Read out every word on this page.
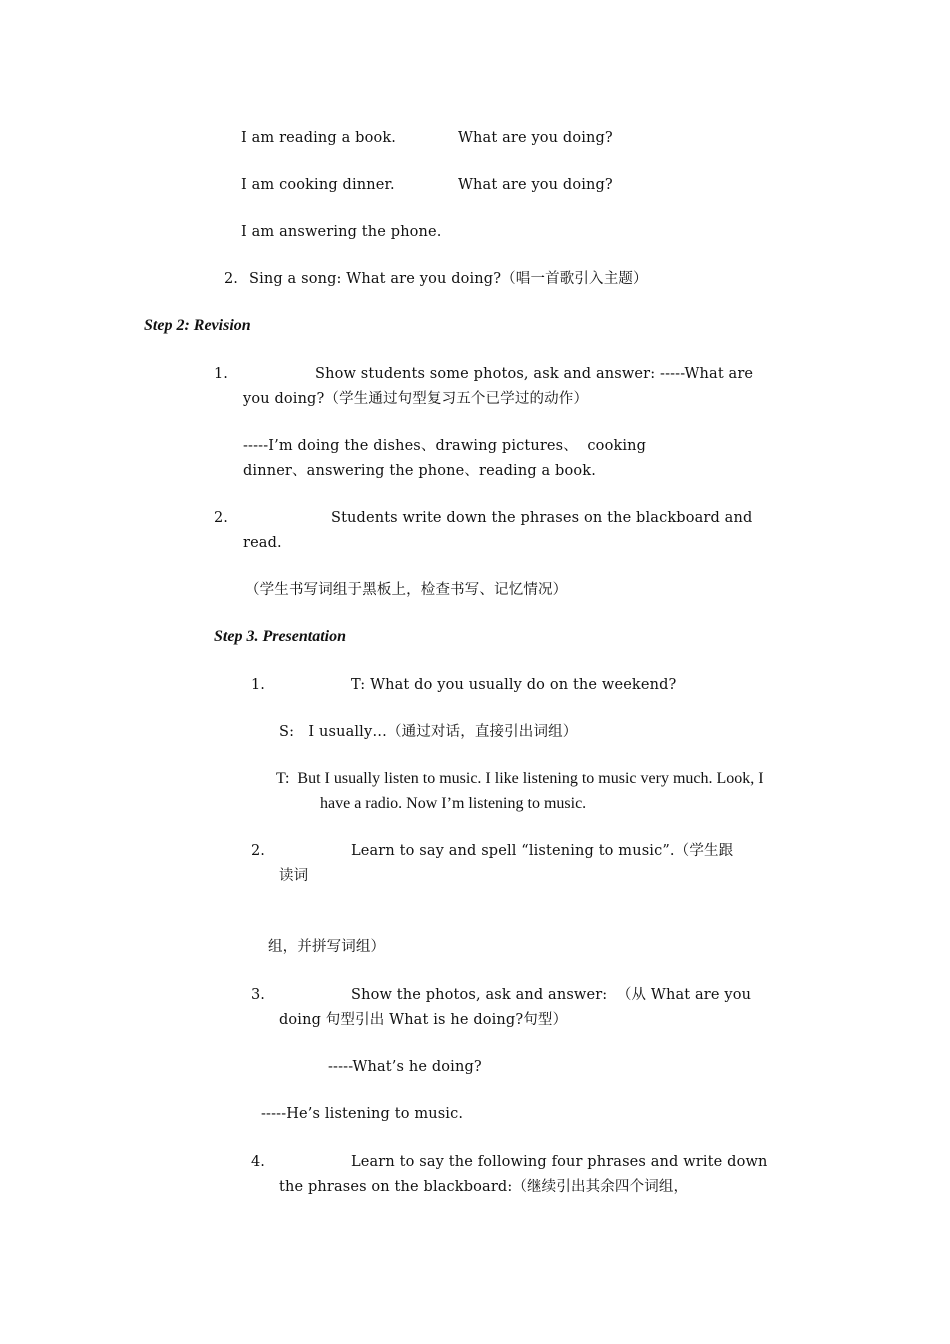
I am reading a book.	What are you doing?
I am cooking dinner.	What are you doing?
I am answering the phone.
2. Sing a song: What are you doing?（唱一首歌引入主题）
Step 2: Revision
1.	Show students some photos, ask and answer: -----What are
you doing?（学生通过句型复习五个已学过的动作）
-----I’m doing the dishes、drawing pictures、  cooking
dinner、answering the phone、reading a book.
2.	Students write down the phrases on the blackboard and
read.
（学生书写词组于黑板上，检查书写、记忆情况）
Step 3. Presentation
1.	T: What do you usually do on the weekend?
S:   I usually…（通过对话，直接引出词组）
T:  But I usually listen to music. I like listening to music very much. Look, I
have a radio. Now I’m listening to music.
2.	Learn to say and spell “listening to music”.（学生跟
读词
组，并拼写词组）
3.	Show the photos, ask and answer:  （从 What are you
doing 句型引出 What is he doing?句型）
-----What’s he doing?
-----He’s listening to music.
4.	Learn to say the following four phrases and write down
the phrases on the blackboard:（继续引出其余四个词组，
